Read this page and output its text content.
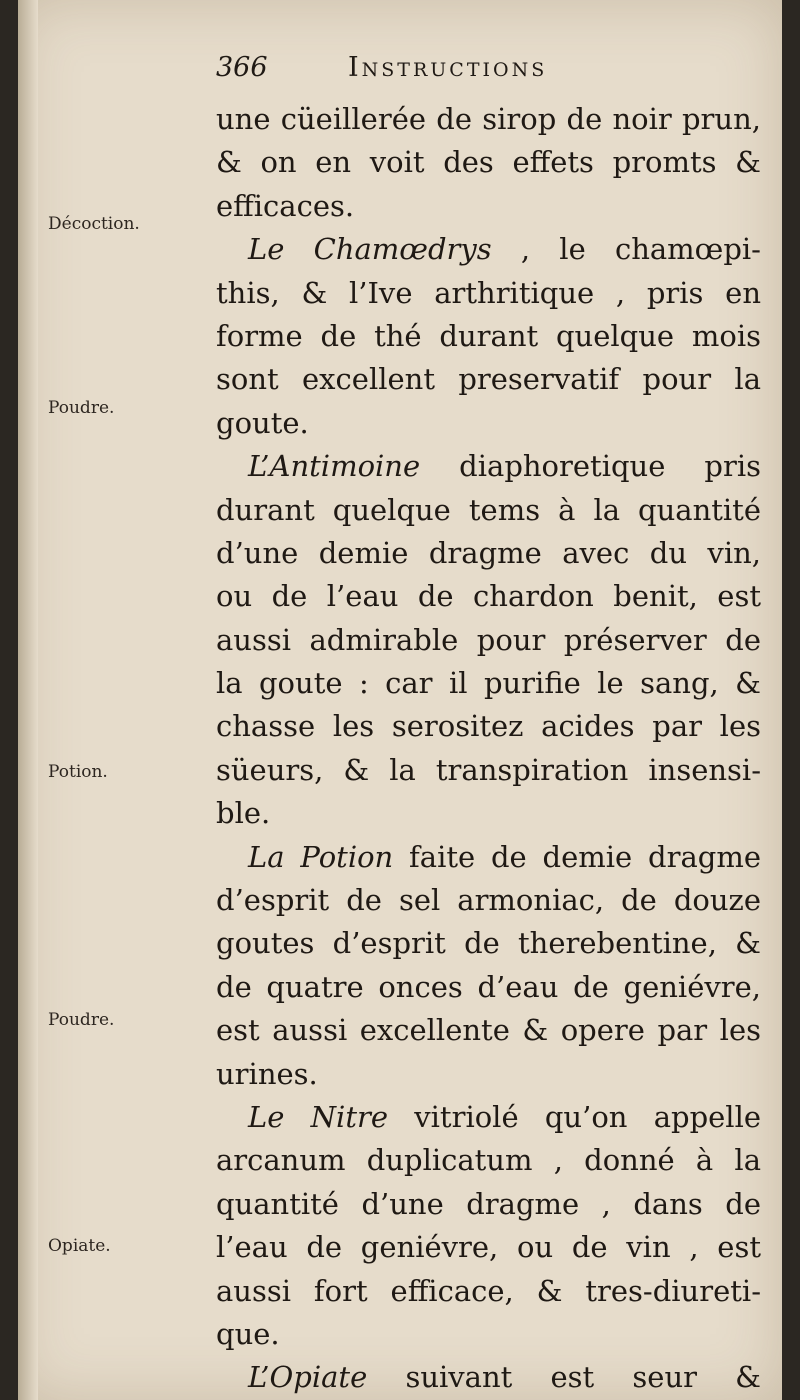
366	Instructions
Décoction.
Poudre.
Potion.
Poudre.
Opiate.
une cüeillerée de sirop de noir prun,
& on en voit des effets promts &
efficaces.
Le Chamœdrys , le chamœpi-
this, & l’Ive arthritique , pris en
forme de thé durant quelque mois
sont excellent preservatif pour la
goute.
L’Antimoine diaphoretique pris
durant quelque tems à la quantité
d’une demie dragme avec du vin,
ou de l’eau de chardon benit, est
aussi admirable pour préserver de
la goute : car il purifie le sang, &
chasse les serositez acides par les
süeurs, & la transpiration insensi-
ble.
La Potion faite de demie dragme
d’esprit de sel armoniac, de douze
goutes d’esprit de therebentine, &
de quatre onces d’eau de geniévre,
est aussi excellente & opere par les
urines.
Le Nitre vitriolé qu’on appelle
arcanum duplicatum , donné à la
quantité d’une dragme , dans de
l’eau de geniévre, ou de vin , est
aussi fort efficace, & tres-diureti-
que.
L’Opiate suivant est seur &
